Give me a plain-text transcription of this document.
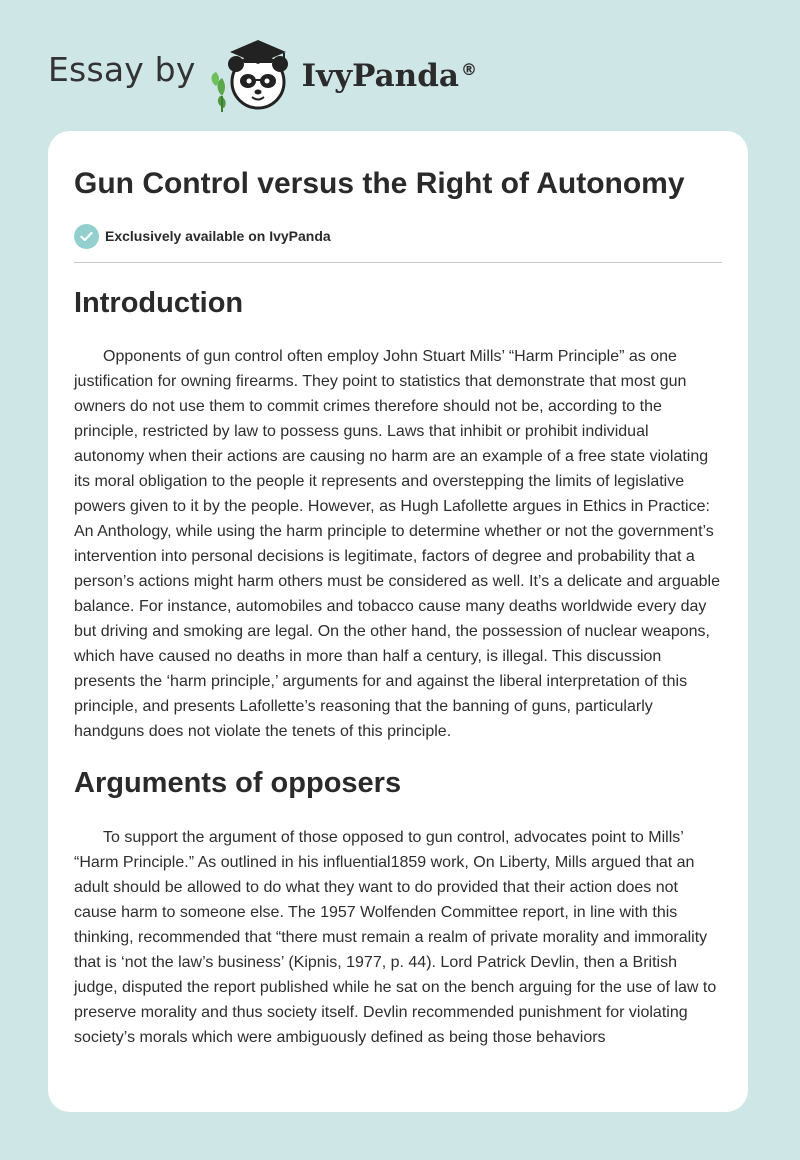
Essay by	IvyPanda ®
Gun Control versus the Right of Autonomy
Exclusively available on IvyPanda
Introduction

Opponents of gun control often employ John Stuart Mills’ “Harm Principle” as one justification for owning firearms. They point to statistics that demonstrate that most gun owners do not use them to commit crimes therefore should not be, according to the principle, restricted by law to possess guns. Laws that inhibit or prohibit individual autonomy when their actions are causing no harm are an example of a free state violating its moral obligation to the people it represents and overstepping the limits of legislative powers given to it by the people. However, as Hugh Lafollette argues in Ethics in Practice: An Anthology, while using the harm principle to determine whether or not the government’s intervention into personal decisions is legitimate, factors of degree and probability that a person’s actions might harm others must be considered as well. It’s a delicate and arguable balance. For instance, automobiles and tobacco cause many deaths worldwide every day but driving and smoking are legal. On the other hand, the possession of nuclear weapons, which have caused no deaths in more than half a century, is illegal. This discussion presents the ‘harm principle,’ arguments for and against the liberal interpretation of this principle, and presents Lafollette’s reasoning that the banning of guns, particularly handguns does not violate the tenets of this principle.

Arguments of opposers

To support the argument of those opposed to gun control, advocates point to Mills’ “Harm Principle.” As outlined in his influential1859 work, On Liberty, Mills argued that an adult should be allowed to do what they want to do provided that their action does not cause harm to someone else. The 1957 Wolfenden Committee report, in line with this thinking, recommended that “there must remain a realm of private morality and immorality that is ‘not the law’s business’ (Kipnis, 1977, p. 44). Lord Patrick Devlin, then a British judge, disputed the report published while he sat on the bench arguing for the use of law to preserve morality and thus society itself. Devlin recommended punishment for violating society’s morals which were ambiguously defined as being those behaviors
